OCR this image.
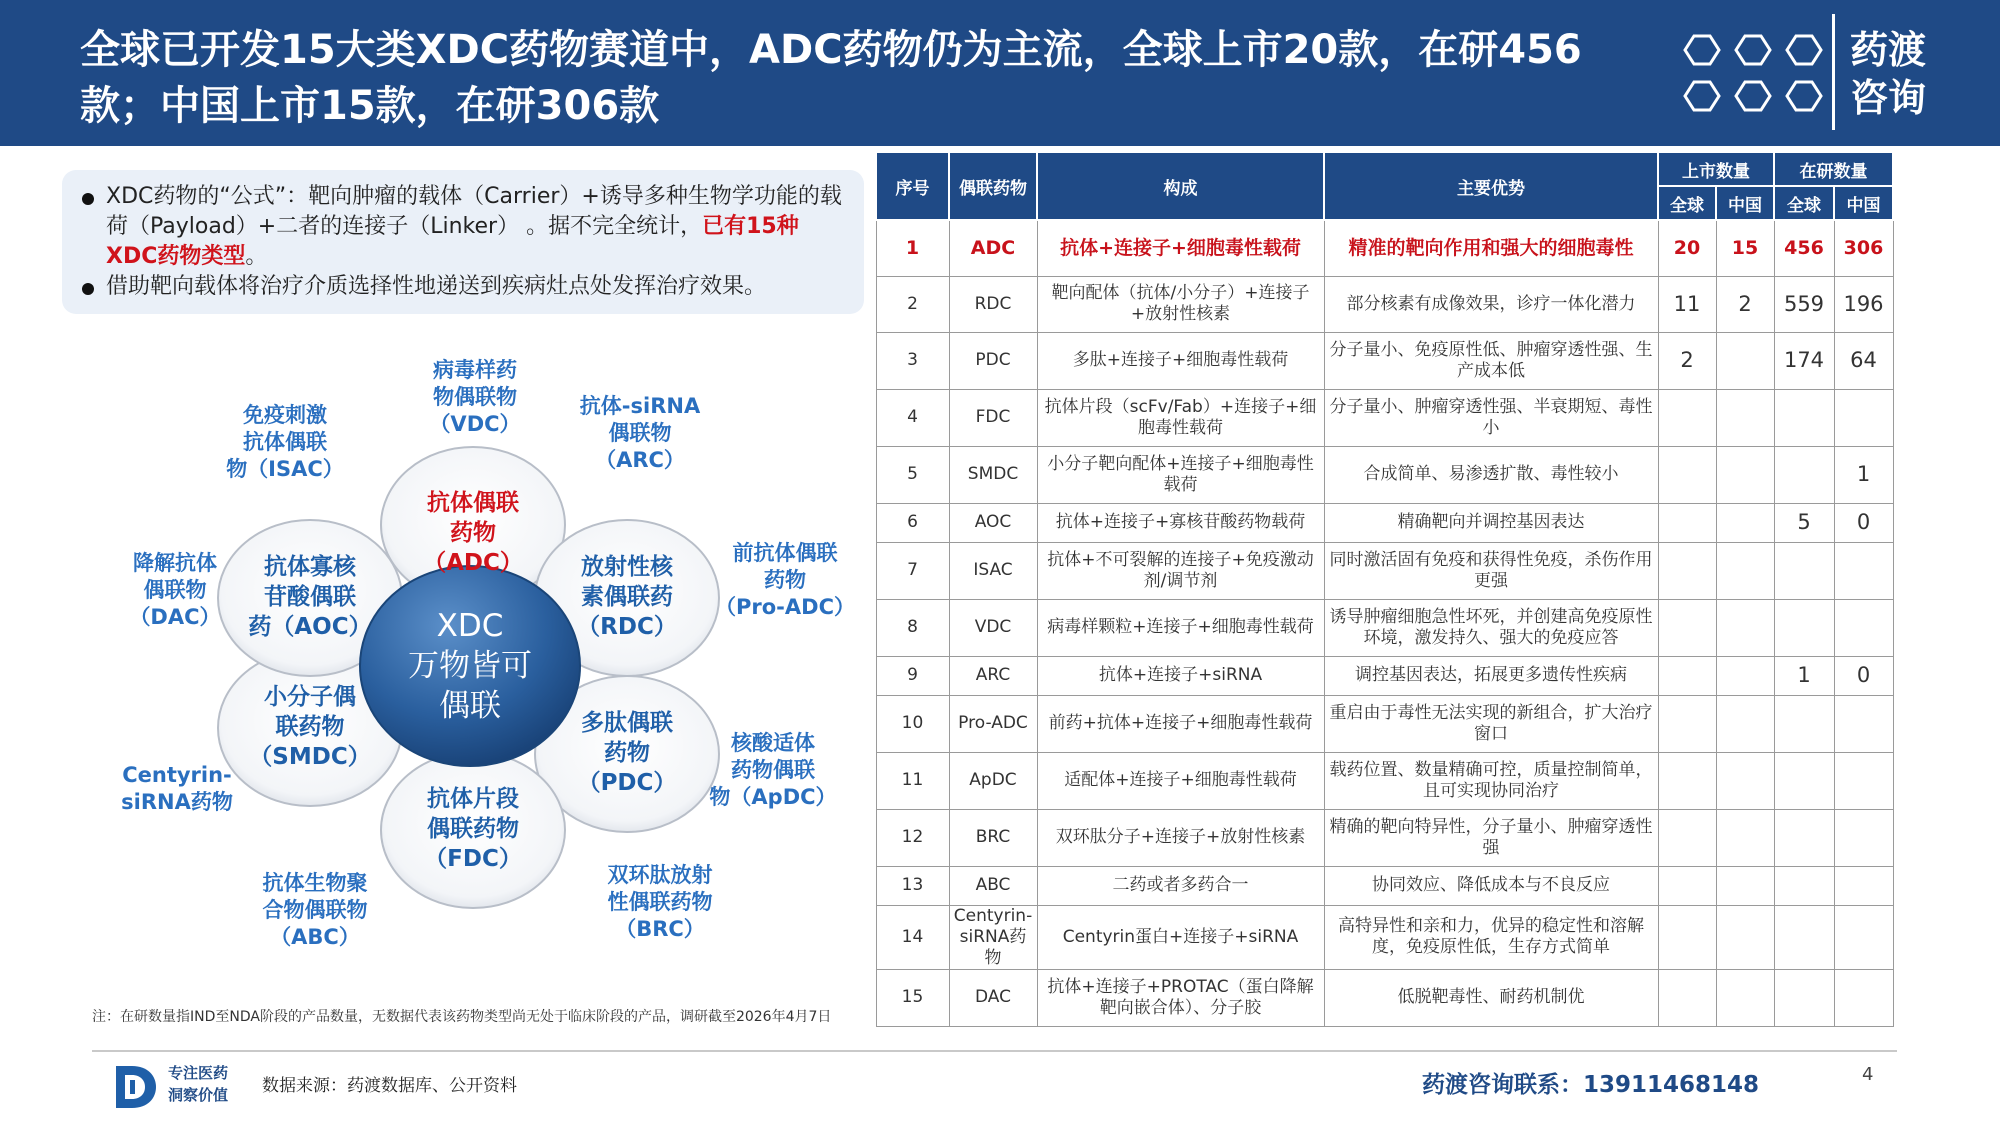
全球已开发15大类XDC药物赛道中，ADC药物仍为主流，全球上市20款，在研456款；中国上市15款，在研306款
药渡咨询
XDC药物的“公式”：靶向肿瘤的载体（Carrier）+诱导多种生物学功能的载荷（Payload）+二者的连接子（Linker） 。据不完全统计，已有15种XDC药物类型。
借助靶向载体将治疗介质选择性地递送到疾病灶点处发挥治疗效果。
抗体偶联
药物
（ADC）	放射性核
素偶联药
（RDC）
多肽偶联
药物
（PDC）
抗体片段
偶联药物
（FDC）
小分子偶
联药物
（SMDC）
抗体寡核
苷酸偶联
药（AOC）	XDC
万物皆可
偶联
病毒样药
物偶联物
（VDC）
抗体-siRNA
偶联物
（ARC）
前抗体偶联
药物
（Pro-ADC）
核酸适体
药物偶联
物（ApDC）
双环肽放射
性偶联药物
（BRC）
抗体生物聚
合物偶联物
（ABC）
Centyrin-
siRNA药物
降解抗体
偶联物
（DAC）
免疫刺激
抗体偶联
物（ISAC）
注：在研数量指IND至NDA阶段的产品数量，无数据代表该药物类型尚无处于临床阶段的产品，调研截至2026年4月7日
序号	偶联药物	构成	主要优势	上市数量		在研数量	
				全球	中国	全球	中国
1	ADC	抗体+连接子+细胞毒性载荷	精准的靶向作用和强大的细胞毒性	20	15	456	306
2	RDC	靶向配体（抗体/小分子）+连接子+放射性核素	部分核素有成像效果，诊疗一体化潜力	11	2	559	196
3	PDC	多肽+连接子+细胞毒性载荷	分子量小、免疫原性低、肿瘤穿透性强、生产成本低	2		174	64
4	FDC	抗体片段（scFv/Fab）+连接子+细胞毒性载荷	分子量小、肿瘤穿透性强、半衰期短、毒性小				
5	SMDC	小分子靶向配体+连接子+细胞毒性载荷	合成简单、易渗透扩散、毒性较小				1
6	AOC	抗体+连接子+寡核苷酸药物载荷	精确靶向并调控基因表达			5	0
7	ISAC	抗体+不可裂解的连接子+免疫激动剂/调节剂	同时激活固有免疫和获得性免疫，杀伤作用更强				
8	VDC	病毒样颗粒+连接子+细胞毒性载荷	诱导肿瘤细胞急性坏死，并创建高免疫原性环境，激发持久、强大的免疫应答				
9	ARC	抗体+连接子+siRNA	调控基因表达，拓展更多遗传性疾病			1	0
10	Pro-ADC	前药+抗体+连接子+细胞毒性载荷	重启由于毒性无法实现的新组合，扩大治疗窗口				
11	ApDC	适配体+连接子+细胞毒性载荷	载药位置、数量精确可控，质量控制简单，且可实现协同治疗				
12	BRC	双环肽分子+连接子+放射性核素	精确的靶向特异性，分子量小、肿瘤穿透性强				
13	ABC	二药或者多药合一	协同效应、降低成本与不良反应				
14	Centyrin-siRNA药物	Centyrin蛋白+连接子+siRNA	高特异性和亲和力，优异的稳定性和溶解度，免疫原性低，生存方式简单				
15	DAC	抗体+连接子+PROTAC（蛋白降解靶向嵌合体）、分子胶	低脱靶毒性、耐药机制优				
专注医药
洞察价值	数据来源：药渡数据库、公开资料	药渡咨询联系：13911468148	4
